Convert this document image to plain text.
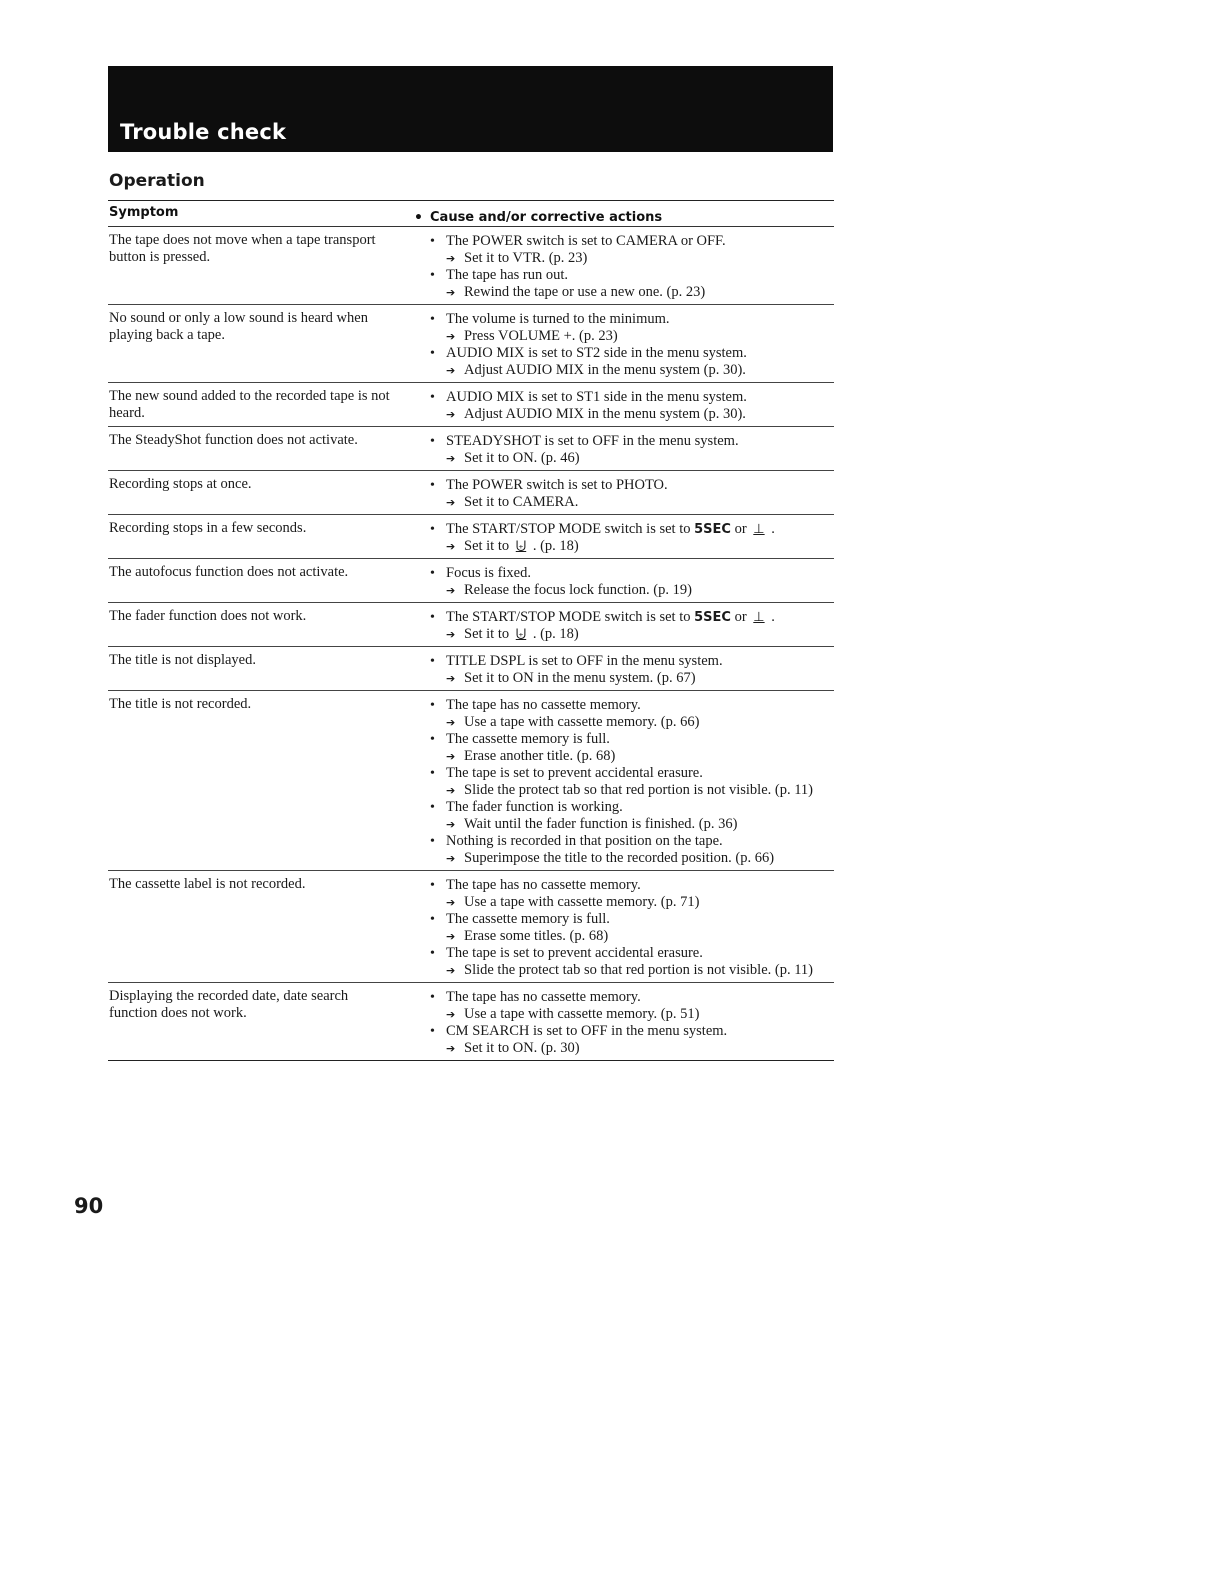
Trouble check
Operation
Symptom	• $_{Cause and/or corrective actions}$
The tape does not move when a tape transport button is pressed.
• The POWER switch is set to CAMERA or OFF.
➔ Set it to VTR. (p. 23)
• The tape has run out.
➔ Rewind the tape or use a new one. (p. 23)
No sound or only a low sound is heard when playing back a tape.
• The volume is turned to the minimum.
➔ Press VOLUME +. (p. 23)
• AUDIO MIX is set to ST2 side in the menu system.
➔ Adjust AUDIO MIX in the menu system (p. 30).
The new sound added to the recorded tape is not heard.
• AUDIO MIX is set to ST1 side in the menu system.
➔ Adjust AUDIO MIX in the menu system (p. 30).
The SteadyShot function does not activate.	• STEADYSHOT is set to OFF in the menu system.
➔ Set it to ON. (p. 46)
Recording stops at once.	• The POWER switch is set to PHOTO.
➔ Set it to CAMERA.
Recording stops in a few seconds.	• The START/STOP MODE switch is set to 5SEC or ⊥ .
➔ Set it to ⨄ . (p. 18)
The autofocus function does not activate.	• Focus is fixed.
➔ Release the focus lock function. (p. 19)
The fader function does not work.	• The START/STOP MODE switch is set to 5SEC or ⊥ .
➔ Set it to ⨄ . (p. 18)
The title is not displayed.	• TITLE DSPL is set to OFF in the menu system.
➔ Set it to ON in the menu system. (p. 67)
The title is not recorded.	• The tape has no cassette memory.
➔ Use a tape with cassette memory. (p. 66)
• The cassette memory is full.
➔ Erase another title. (p. 68)
• The tape is set to prevent accidental erasure.
➔ Slide the protect tab so that red portion is not visible. (p. 11)
• The fader function is working.
➔ Wait until the fader function is finished. (p. 36)
• Nothing is recorded in that position on the tape.
➔ Superimpose the title to the recorded position. (p. 66)
The cassette label is not recorded.	• The tape has no cassette memory.
➔ Use a tape with cassette memory. (p. 71)
• The cassette memory is full.
➔ Erase some titles. (p. 68)
• The tape is set to prevent accidental erasure.
➔ Slide the protect tab so that red portion is not visible. (p. 11)
Displaying the recorded date, date search function does not work.
• The tape has no cassette memory.
➔ Use a tape with cassette memory. (p. 51)
• CM SEARCH is set to OFF in the menu system.
➔ Set it to ON. (p. 30)
90
